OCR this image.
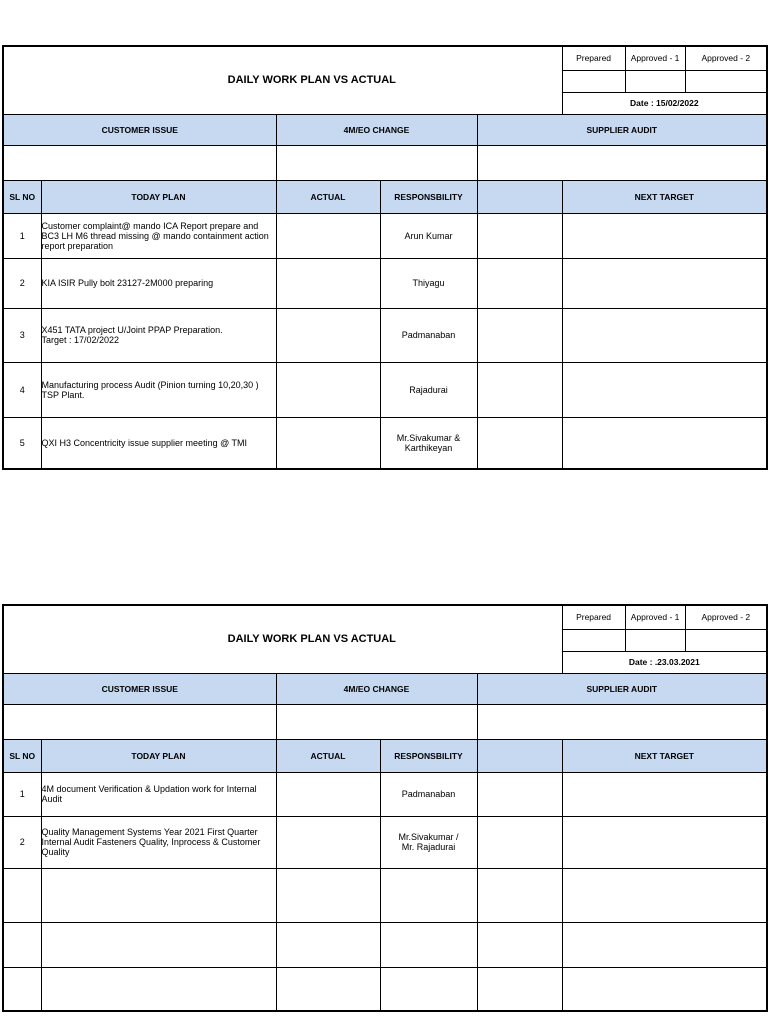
DAILY WORK PLAN VS ACTUAL					Prepared	Approved - 1	Approved - 2

					Date : 15/02/2022		
CUSTOMER ISSUE		4M/EO CHANGE		SUPPLIER AUDIT			

SL NO	TODAY PLAN	ACTUAL	RESPONSBILITY		NEXT TARGET		
1	Customer complaint@ mando ICA Report prepare and BC3 LH M6 thread missing @ mando containment action report preparation		Arun Kumar				
2	KIA ISIR Pully bolt 23127-2M000 preparing		Thiyagu				
3	X451 TATA project U/Joint PPAP Preparation.
Target : 17/02/2022		Padmanaban				
4	Manufacturing process Audit (Pinion turning 10,20,30 ) TSP Plant.		Rajadurai				
5	QXI H3 Concentricity issue supplier meeting @ TMI		Mr.Sivakumar &
Karthikeyan				
DAILY WORK PLAN VS ACTUAL					Prepared	Approved - 1	Approved - 2

					Date : .23.03.2021		
CUSTOMER ISSUE		4M/EO CHANGE		SUPPLIER AUDIT			

SL NO	TODAY PLAN	ACTUAL	RESPONSBILITY		NEXT TARGET		
1	4M document Verification & Updation work for Internal Audit		Padmanaban				
2	Quality Management Systems Year 2021 First Quarter Internal Audit Fasteners Quality, Inprocess & Customer Quality		Mr.Sivakumar /
Mr. Rajadurai				
